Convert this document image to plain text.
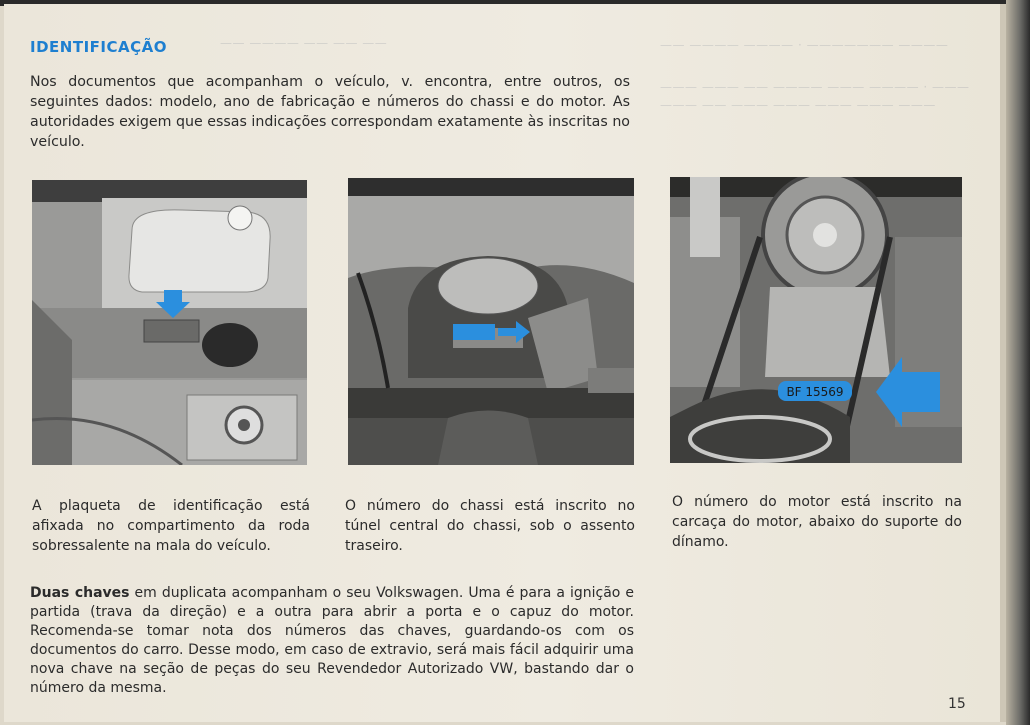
—— ———— —— —— ——	—— ———— ———— · ——————— ————
——— ——— —— ———— ——— ———— · ———
——— —— ——— ——— ——— ——— ———
IDENTIFICAÇÃO
Nos documentos que acompanham o veículo, v. encontra, entre outros, os seguintes dados: modelo, ano de fabricação e números do chassi e do motor. As autoridades exigem que essas indicações correspondam exatamente às inscritas no veículo.
BF 15569
A plaqueta de identificação está afixada no compartimento da roda sobressalente na mala do veículo.
O número do chassi está inscrito no túnel central do chassi, sob o assento traseiro.
O número do motor está inscrito na carcaça do motor, abaixo do suporte do dínamo.
Duas chaves em duplicata acompanham o seu Volkswagen. Uma é para a ignição e partida (trava da direção) e a outra para abrir a porta e o capuz do motor. Recomenda-se tomar nota dos números das chaves, guardando-os com os documentos do carro. Desse modo, em caso de extravio, será mais fácil adquirir uma nova chave na seção de peças do seu Revendedor Autorizado VW, bastando dar o número da mesma.
15
